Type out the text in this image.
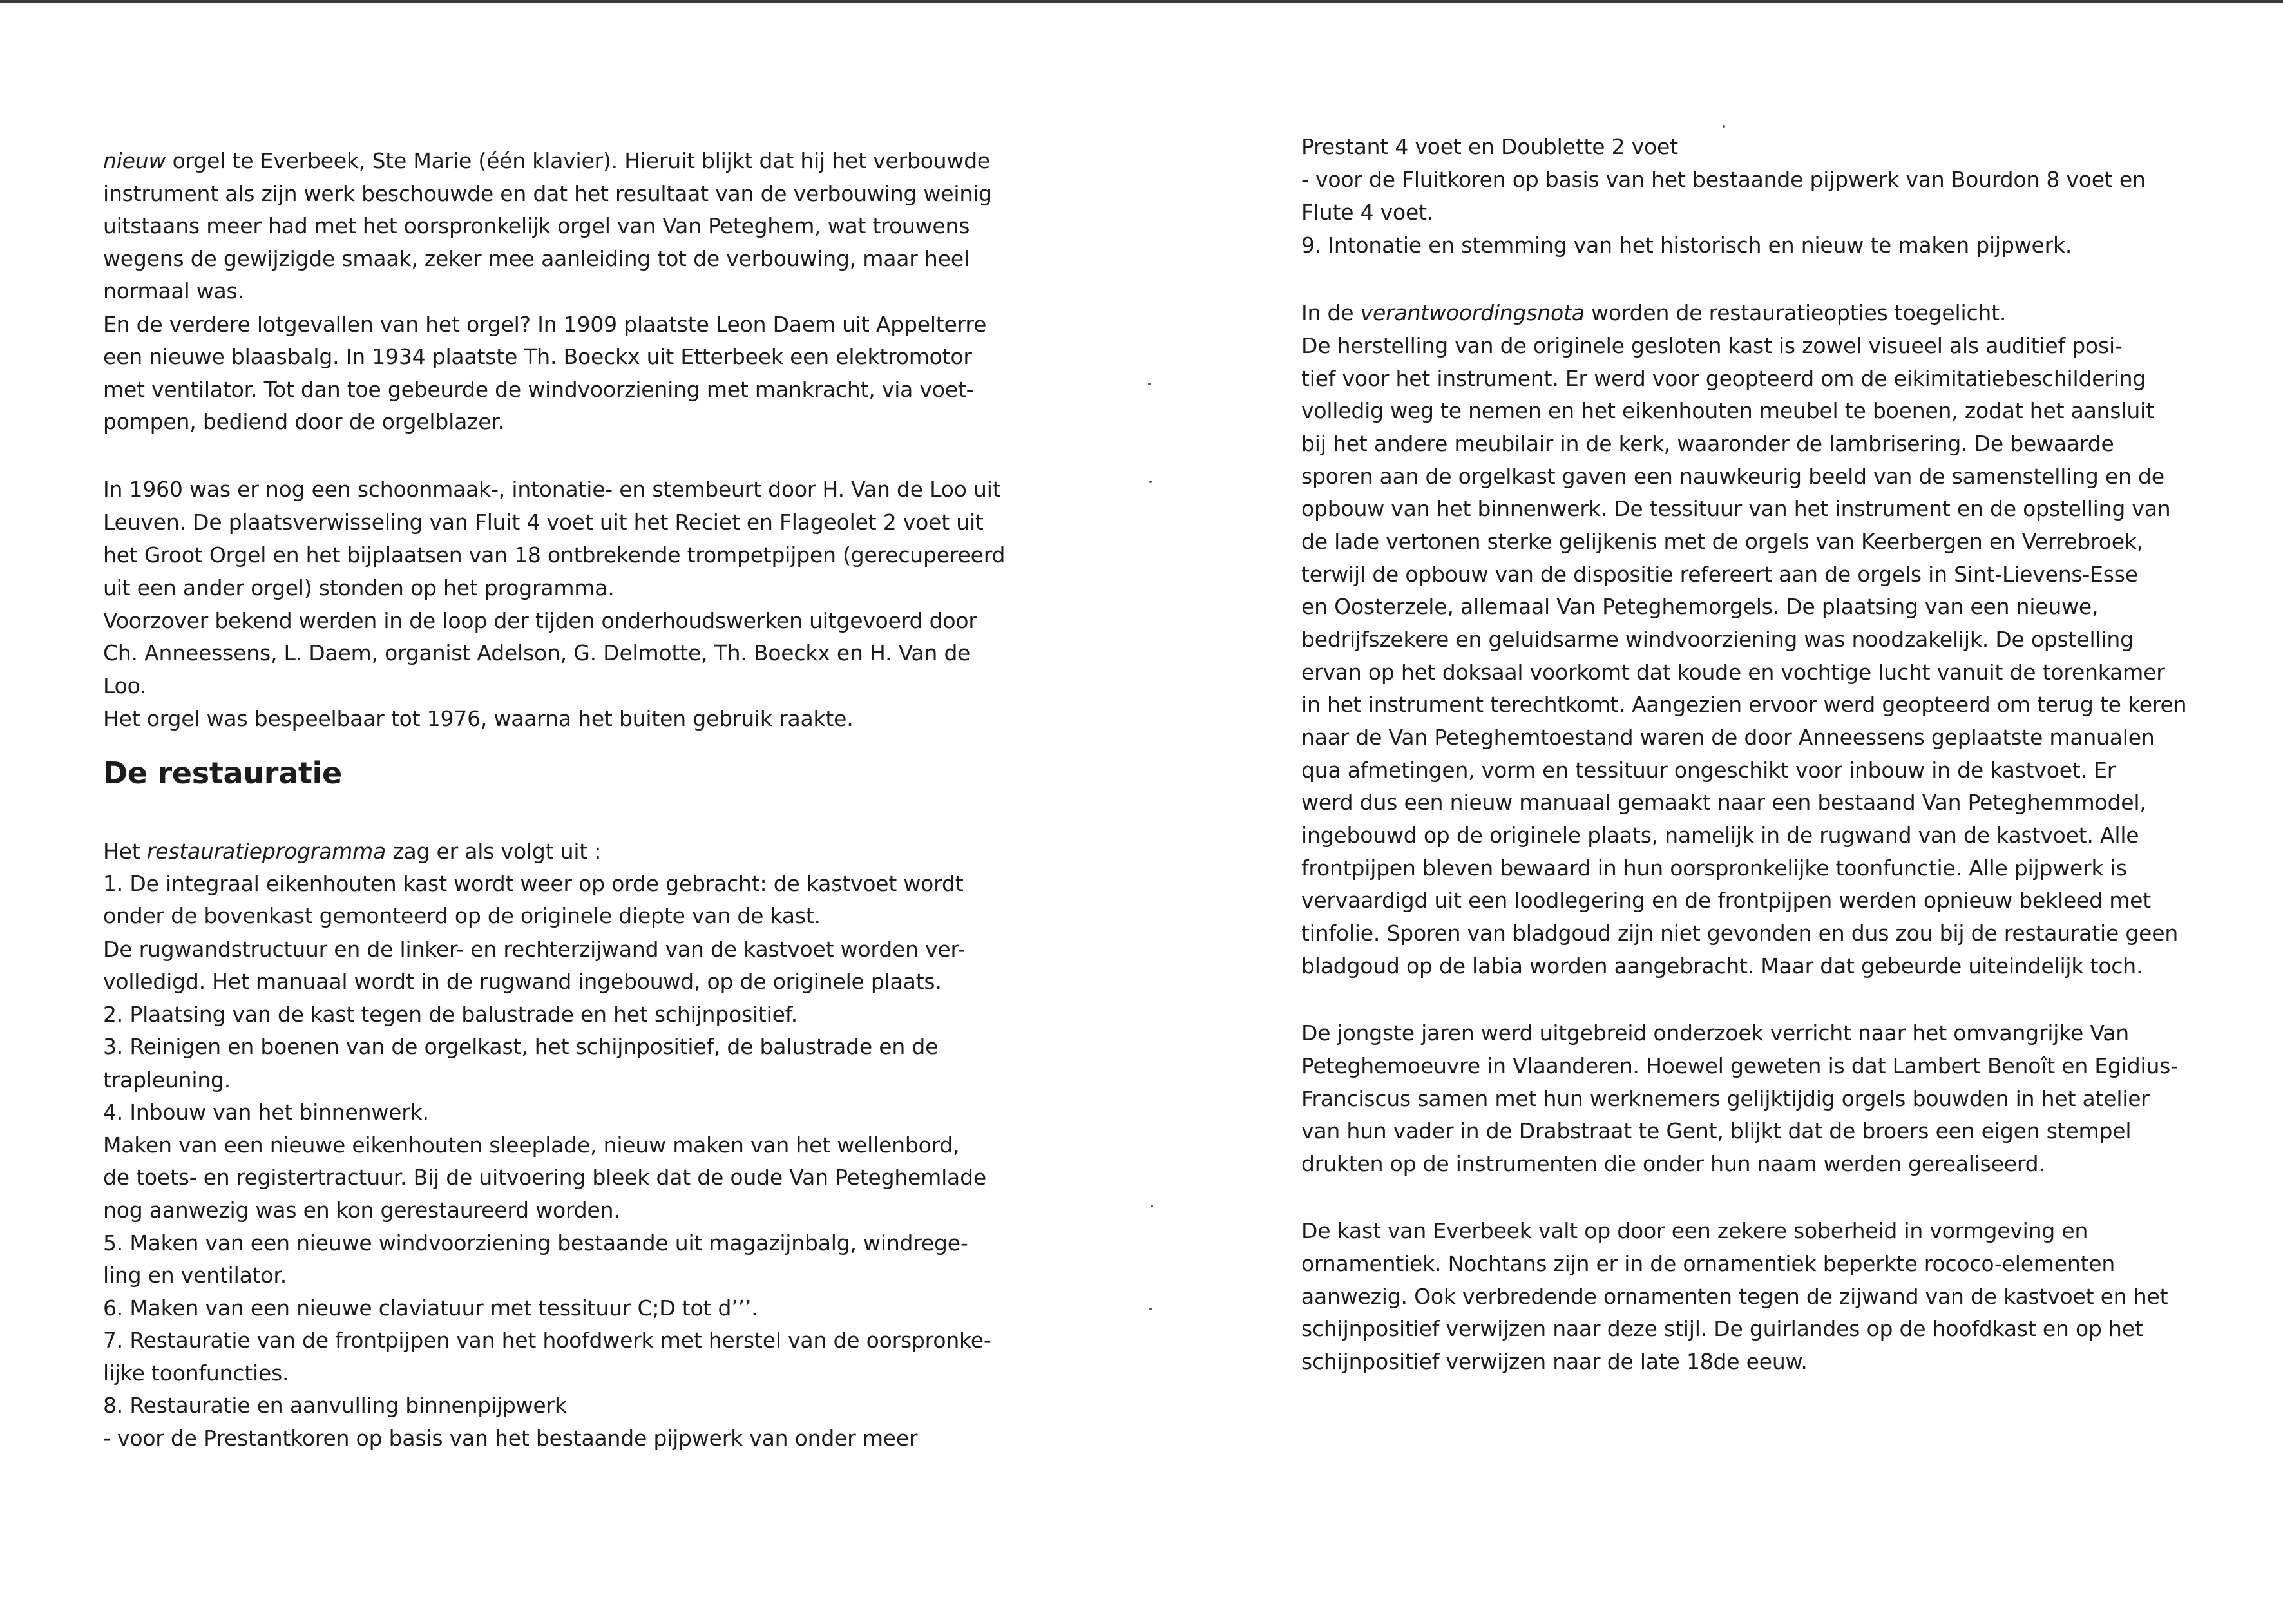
nieuw orgel te Everbeek, Ste Marie (één klavier). Hieruit blijkt dat hij het verbouwde
instrument als zijn werk beschouwde en dat het resultaat van de verbouwing weinig
uitstaans meer had met het oorspronkelijk orgel van Van Peteghem, wat trouwens
wegens de gewijzigde smaak, zeker mee aanleiding tot de verbouwing, maar heel
normaal was.
En de verdere lotgevallen van het orgel? In 1909 plaatste Leon Daem uit Appelterre
een nieuwe blaasbalg. In 1934 plaatste Th. Boeckx uit Etterbeek een elektromotor
met ventilator. Tot dan toe gebeurde de windvoorziening met mankracht, via voet-
pompen, bediend door de orgelblazer.
In 1960 was er nog een schoonmaak-, intonatie- en stembeurt door H. Van de Loo uit
Leuven. De plaatsverwisseling van Fluit 4 voet uit het Reciet en Flageolet 2 voet uit
het Groot Orgel en het bijplaatsen van 18 ontbrekende trompetpijpen (gerecupereerd
uit een ander orgel) stonden op het programma.
Voorzover bekend werden in de loop der tijden onderhoudswerken uitgevoerd door
Ch. Anneessens, L. Daem, organist Adelson, G. Delmotte, Th. Boeckx en H. Van de
Loo.
Het orgel was bespeelbaar tot 1976, waarna het buiten gebruik raakte.
De restauratie
Het restauratieprogramma zag er als volgt uit :
1. De integraal eikenhouten kast wordt weer op orde gebracht: de kastvoet wordt
onder de bovenkast gemonteerd op de originele diepte van de kast.
De rugwandstructuur en de linker- en rechterzijwand van de kastvoet worden ver-
volledigd. Het manuaal wordt in de rugwand ingebouwd, op de originele plaats.
2. Plaatsing van de kast tegen de balustrade en het schijnpositief.
3. Reinigen en boenen van de orgelkast, het schijnpositief, de balustrade en de
trapleuning.
4. Inbouw van het binnenwerk.
Maken van een nieuwe eikenhouten sleeplade, nieuw maken van het wellenbord,
de toets- en registertractuur. Bij de uitvoering bleek dat de oude Van Peteghemlade
nog aanwezig was en kon gerestaureerd worden.
5. Maken van een nieuwe windvoorziening bestaande uit magazijnbalg, windrege-
ling en ventilator.
6. Maken van een nieuwe claviatuur met tessituur C;D tot d’’’.
7. Restauratie van de frontpijpen van het hoofdwerk met herstel van de oorspronke-
lijke toonfuncties.
8. Restauratie en aanvulling binnenpijpwerk
- voor de Prestantkoren op basis van het bestaande pijpwerk van onder meer
Prestant 4 voet en Doublette 2 voet
- voor de Fluitkoren op basis van het bestaande pijpwerk van Bourdon 8 voet en
Flute 4 voet.
9. Intonatie en stemming van het historisch en nieuw te maken pijpwerk.
In de verantwoordingsnota worden de restauratieopties toegelicht.
De herstelling van de originele gesloten kast is zowel visueel als auditief posi-
tief voor het instrument. Er werd voor geopteerd om de eikimitatiebeschildering
volledig weg te nemen en het eikenhouten meubel te boenen, zodat het aansluit
bij het andere meubilair in de kerk, waaronder de lambrisering. De bewaarde
sporen aan de orgelkast gaven een nauwkeurig beeld van de samenstelling en de
opbouw van het binnenwerk. De tessituur van het instrument en de opstelling van
de lade vertonen sterke gelijkenis met de orgels van Keerbergen en Verrebroek,
terwijl de opbouw van de dispositie refereert aan de orgels in Sint-Lievens-Esse
en Oosterzele, allemaal Van Peteghemorgels. De plaatsing van een nieuwe,
bedrijfszekere en geluidsarme windvoorziening was noodzakelijk. De opstelling
ervan op het doksaal voorkomt dat koude en vochtige lucht vanuit de torenkamer
in het instrument terechtkomt. Aangezien ervoor werd geopteerd om terug te keren
naar de Van Peteghemtoestand waren de door Anneessens geplaatste manualen
qua afmetingen, vorm en tessituur ongeschikt voor inbouw in de kastvoet. Er
werd dus een nieuw manuaal gemaakt naar een bestaand Van Peteghemmodel,
ingebouwd op de originele plaats, namelijk in de rugwand van de kastvoet. Alle
frontpijpen bleven bewaard in hun oorspronkelijke toonfunctie. Alle pijpwerk is
vervaardigd uit een loodlegering en de frontpijpen werden opnieuw bekleed met
tinfolie. Sporen van bladgoud zijn niet gevonden en dus zou bij de restauratie geen
bladgoud op de labia worden aangebracht. Maar dat gebeurde uiteindelijk toch.
De jongste jaren werd uitgebreid onderzoek verricht naar het omvangrijke Van
Peteghemoeuvre in Vlaanderen. Hoewel geweten is dat Lambert Benoît en Egidius-
Franciscus samen met hun werknemers gelijktijdig orgels bouwden in het atelier
van hun vader in de Drabstraat te Gent, blijkt dat de broers een eigen stempel
drukten op de instrumenten die onder hun naam werden gerealiseerd.
De kast van Everbeek valt op door een zekere soberheid in vormgeving en
ornamentiek. Nochtans zijn er in de ornamentiek beperkte rococo-elementen
aanwezig. Ook verbredende ornamenten tegen de zijwand van de kastvoet en het
schijnpositief verwijzen naar deze stijl. De guirlandes op de hoofdkast en op het
schijnpositief verwijzen naar de late 18de eeuw.
